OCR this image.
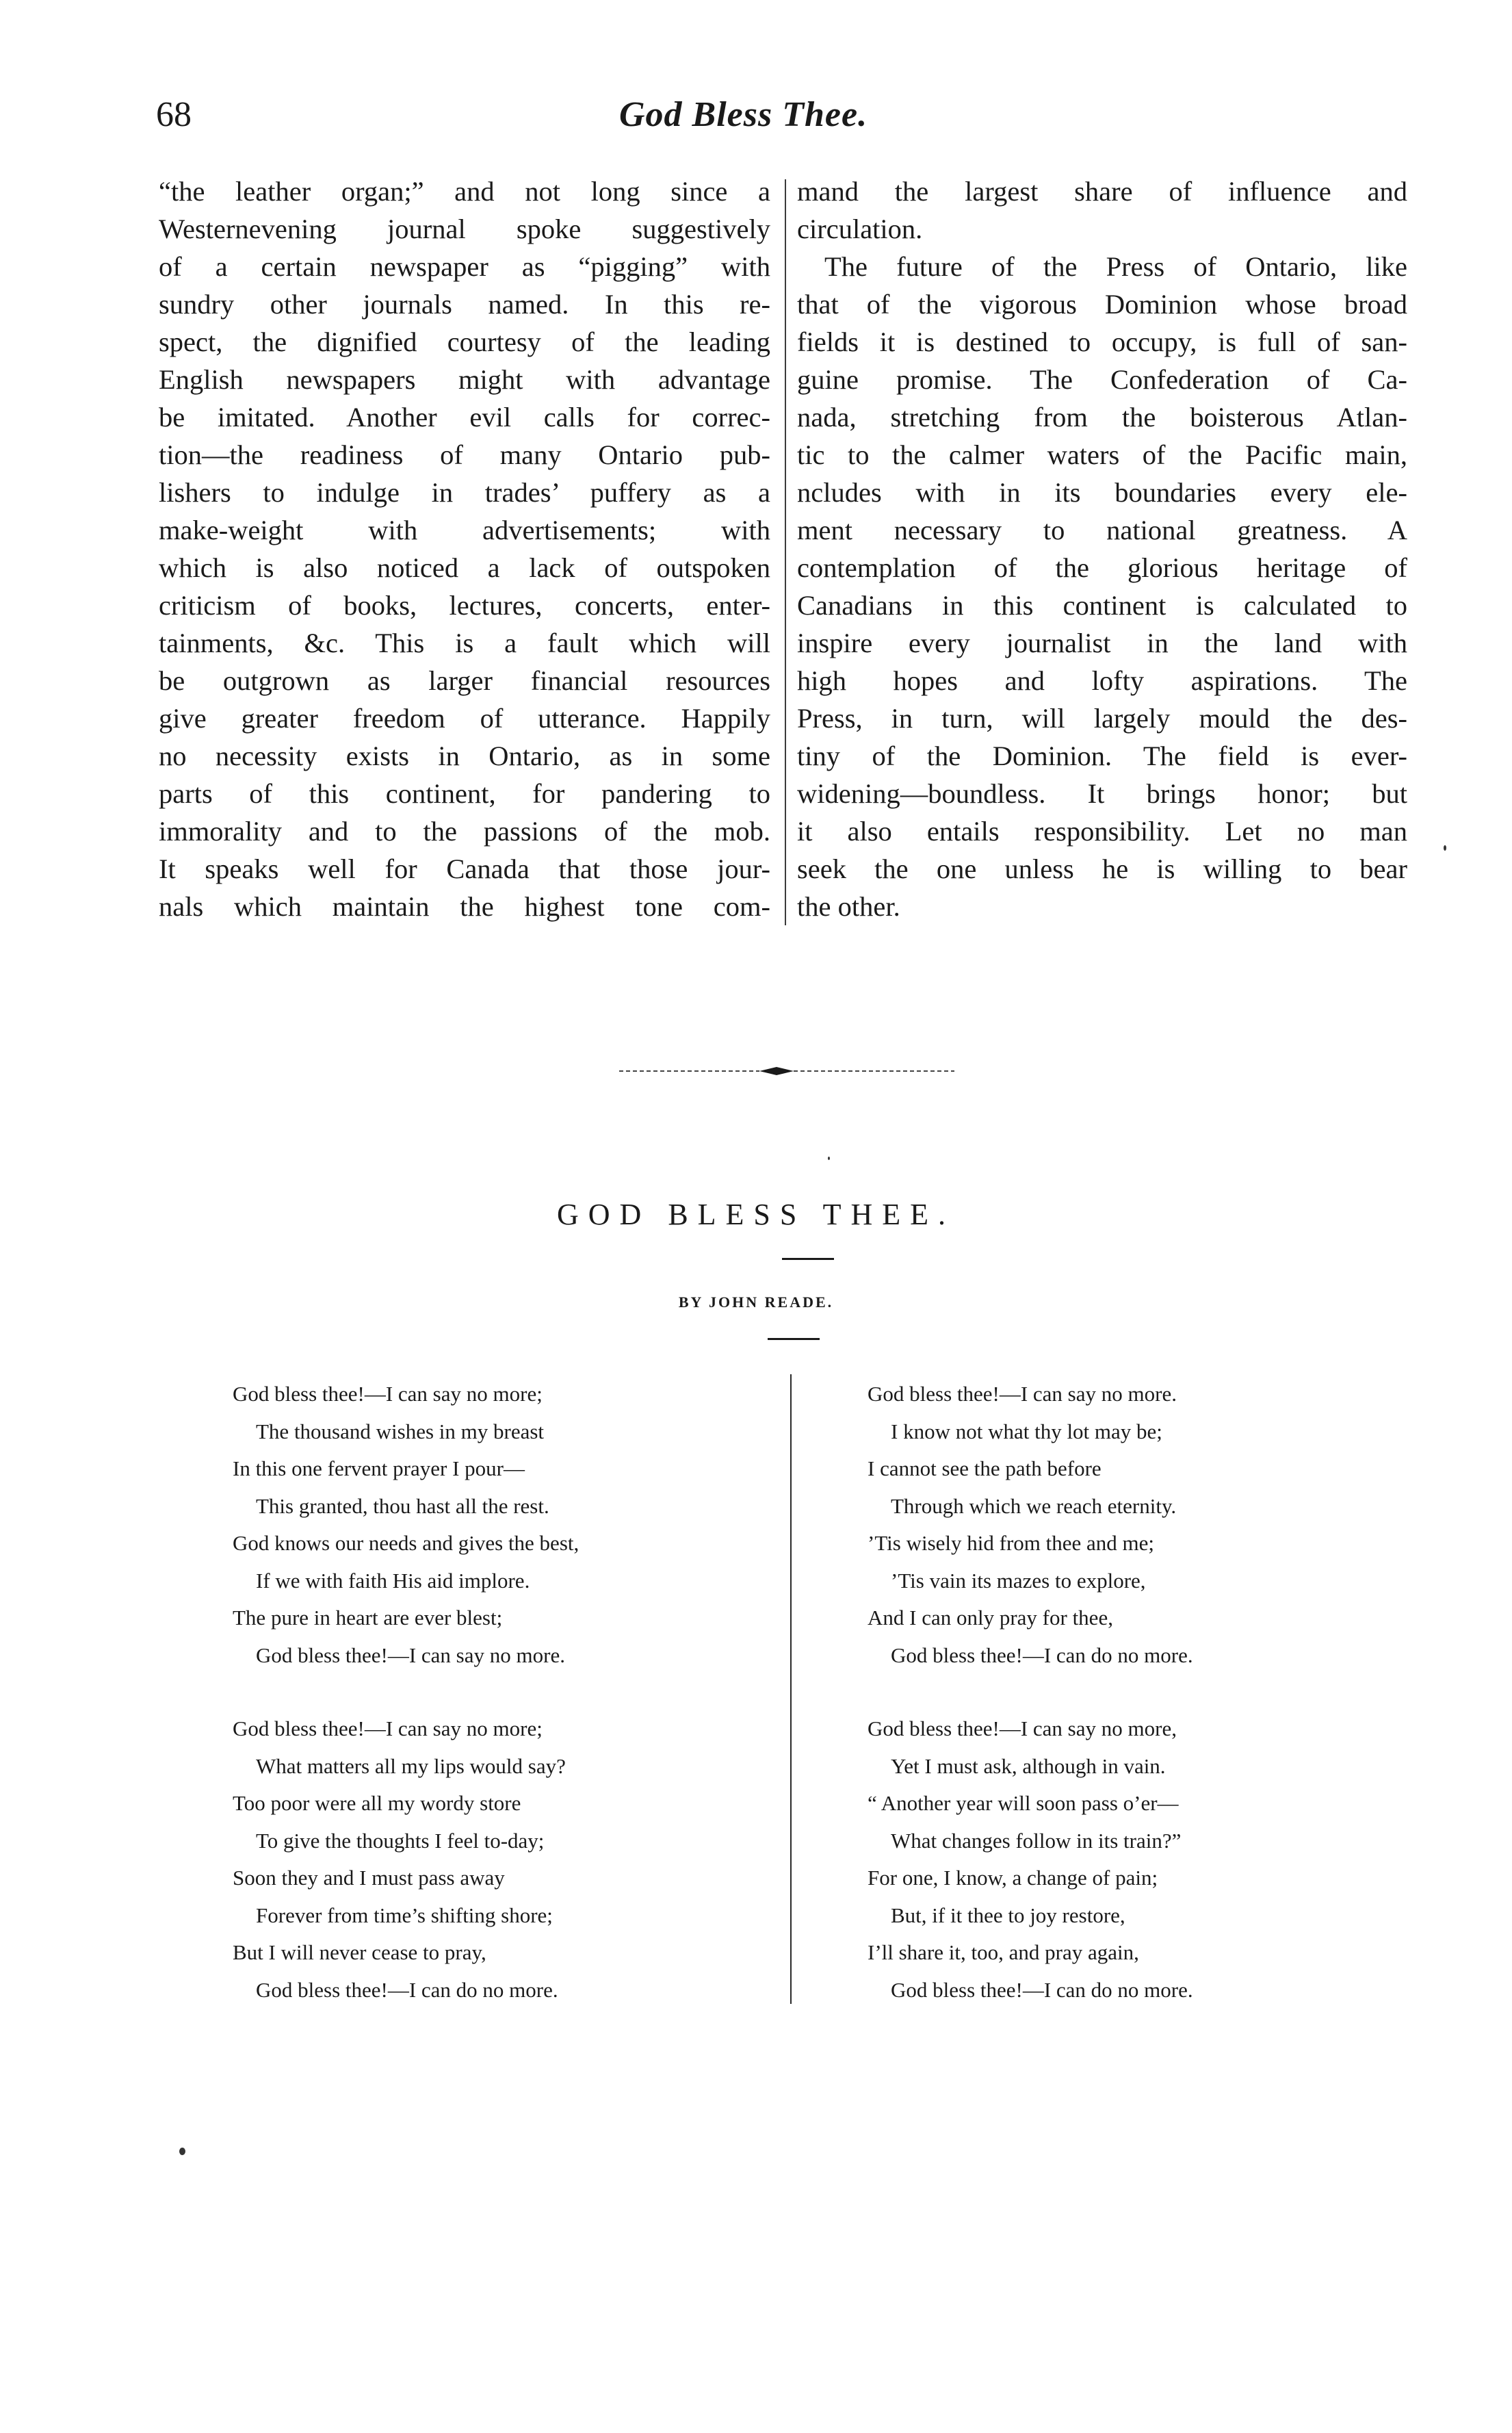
68	God Bless Thee.
“the leather organ;” and not long since a
Westernevening journal spoke suggestively
of a certain newspaper as “pigging” with
sundry other journals named. In this re-
spect, the dignified courtesy of the leading
English newspapers might with advantage
be imitated. Another evil calls for correc-
tion—the readiness of many Ontario pub-
lishers to indulge in trades’ puffery as a
make-weight with advertisements; with
which is also noticed a lack of outspoken
criticism of books, lectures, concerts, enter-
tainments, &c. This is a fault which will
be outgrown as larger financial resources
give greater freedom of utterance. Happily
no necessity exists in Ontario, as in some
parts of this continent, for pandering to
immorality and to the passions of the mob.
It speaks well for Canada that those jour-
nals which maintain the highest tone com-
mand the largest share of influence and
circulation.
The future of the Press of Ontario, like
that of the vigorous Dominion whose broad
fields it is destined to occupy, is full of san-
guine promise. The Confederation of Ca-
nada, stretching from the boisterous Atlan-
tic to the calmer waters of the Pacific main,
ncludes with in its boundaries every ele-
ment necessary to national greatness. A
contemplation of the glorious heritage of
Canadians in this continent is calculated to
inspire every journalist in the land with
high hopes and lofty aspirations. The
Press, in turn, will largely mould the des-
tiny of the Dominion. The field is ever-
widening—boundless. It brings honor; but
it also entails responsibility. Let no man
seek the one unless he is willing to bear
the other.
GOD BLESS THEE.
BY JOHN READE.
God bless thee!—I can say no more;
The thousand wishes in my breast
In this one fervent prayer I pour—
This granted, thou hast all the rest.
God knows our needs and gives the best,
If we with faith His aid implore.
The pure in heart are ever blest;
God bless thee!—I can say no more.
God bless thee!—I can say no more;
What matters all my lips would say?
Too poor were all my wordy store
To give the thoughts I feel to-day;
Soon they and I must pass away
Forever from time’s shifting shore;
But I will never cease to pray,
God bless thee!—I can do no more.
God bless thee!—I can say no more.
I know not what thy lot may be;
I cannot see the path before
Through which we reach eternity.
’Tis wisely hid from thee and me;
’Tis vain its mazes to explore,
And I can only pray for thee,
God bless thee!—I can do no more.
God bless thee!—I can say no more,
Yet I must ask, although in vain.
“ Another year will soon pass o’er—
What changes follow in its train?”
For one, I know, a change of pain;
But, if it thee to joy restore,
I’ll share it, too, and pray again,
God bless thee!—I can do no more.
